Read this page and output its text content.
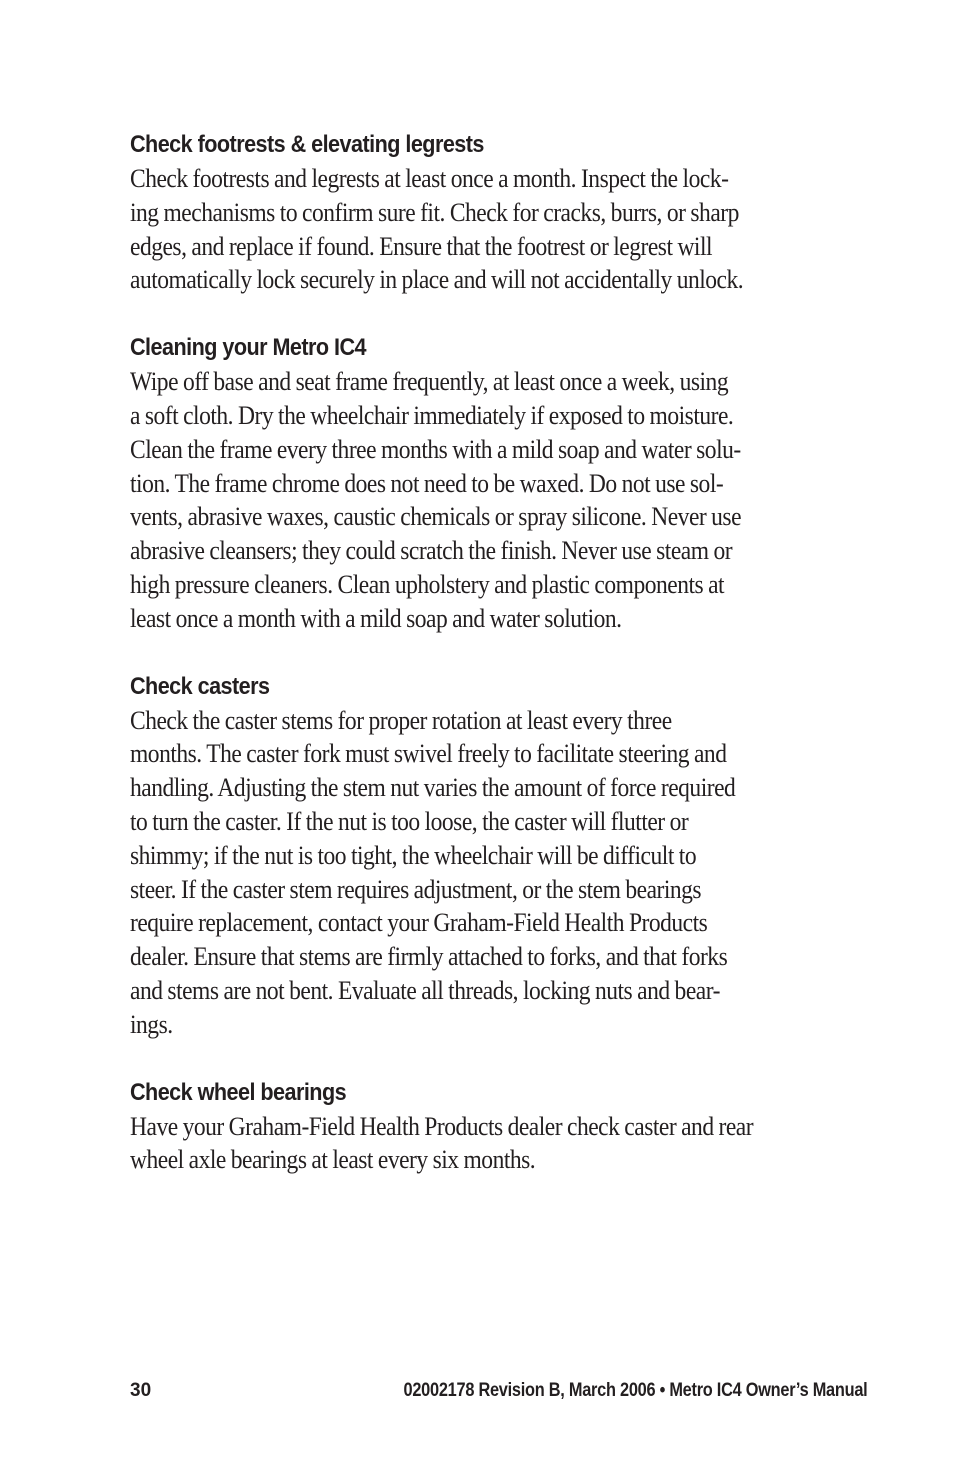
Check footrests & elevating legrests

Check footrests and legrests at least once a month. Inspect the lock-
ing mechanisms to confirm sure fit. Check for cracks, burrs, or sharp
edges, and replace if found. Ensure that the footrest or legrest will
automatically lock securely in place and will not accidentally unlock.

Cleaning your Metro IC4

Wipe off base and seat frame frequently, at least once a week, using
a soft cloth. Dry the wheelchair immediately if exposed to moisture.
Clean the frame every three months with a mild soap and water solu-
tion. The frame chrome does not need to be waxed. Do not use sol-
vents, abrasive waxes, caustic chemicals or spray silicone. Never use
abrasive cleansers; they could scratch the finish. Never use steam or
high pressure cleaners. Clean upholstery and plastic components at
least once a month with a mild soap and water solution.

Check casters

Check the caster stems for proper rotation at least every three
months. The caster fork must swivel freely to facilitate steering and
handling. Adjusting the stem nut varies the amount of force required
to turn the caster. If the nut is too loose, the caster will flutter or
shimmy; if the nut is too tight, the wheelchair will be difficult to
steer. If the caster stem requires adjustment, or the stem bearings
require replacement, contact your Graham-Field Health Products
dealer. Ensure that stems are firmly attached to forks, and that forks
and stems are not bent. Evaluate all threads, locking nuts and bear-
ings.

Check wheel bearings

Have your Graham-Field Health Products dealer check caster and rear
wheel axle bearings at least every six months.

30	02002178 Revision B, March 2006 • Metro IC4 Owner’s Manual
